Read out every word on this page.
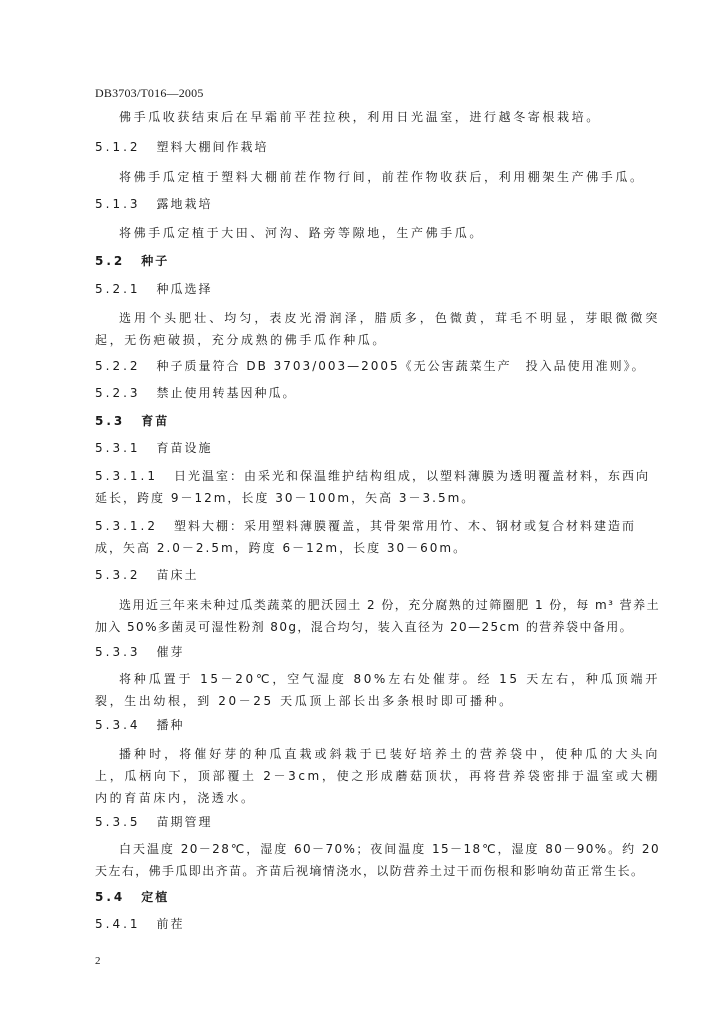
DB3703/T016—2005
佛手瓜收获结束后在早霜前平茬拉秧，利用日光温室，进行越冬寄根栽培。
5.1.2 塑料大棚间作栽培
将佛手瓜定植于塑料大棚前茬作物行间，前茬作物收获后，利用棚架生产佛手瓜。
5.1.3 露地栽培
将佛手瓜定植于大田、河沟、路旁等隙地，生产佛手瓜。
5.2 种子
5.2.1 种瓜选择
选用个头肥壮、均匀，表皮光滑润泽，腊质多，色微黄，茸毛不明显，芽眼微微突起，无伤疤破损，充分成熟的佛手瓜作种瓜。
5.2.2 种子质量符合 DB 3703/003—2005《无公害蔬菜生产　投入品使用准则》。
5.2.3 禁止使用转基因种瓜。
5.3 育苗
5.3.1 育苗设施
5.3.1.1 日光温室：由采光和保温维护结构组成，以塑料薄膜为透明覆盖材料，东西向延长，跨度 9－12m，长度 30－100m，矢高 3－3.5m。
5.3.1.2 塑料大棚：采用塑料薄膜覆盖，其骨架常用竹、木、钢材或复合材料建造而成，矢高 2.0－2.5m，跨度 6－12m，长度 30－60m。
5.3.2 苗床土
选用近三年来未种过瓜类蔬菜的肥沃园土 2 份，充分腐熟的过筛圈肥 1 份，每 m³ 营养土加入 50%多菌灵可湿性粉剂 80g，混合均匀，装入直径为 20—25cm 的营养袋中备用。
5.3.3 催芽
将种瓜置于 15－20℃，空气湿度 80%左右处催芽。经 15 天左右，种瓜顶端开裂，生出幼根，到 20－25 天瓜顶上部长出多条根时即可播种。
5.3.4 播种
播种时，将催好芽的种瓜直栽或斜栽于已装好培养土的营养袋中，使种瓜的大头向上，瓜柄向下，顶部覆土 2－3cm，使之形成蘑菇顶状，再将营养袋密排于温室或大棚内的育苗床内，浇透水。
5.3.5 苗期管理
白天温度 20－28℃，湿度 60－70%；夜间温度 15－18℃，湿度 80－90%。约 20 天左右，佛手瓜即出齐苗。齐苗后视墒情浇水，以防营养土过干而伤根和影响幼苗正常生长。
5.4 定植
5.4.1 前茬
2
